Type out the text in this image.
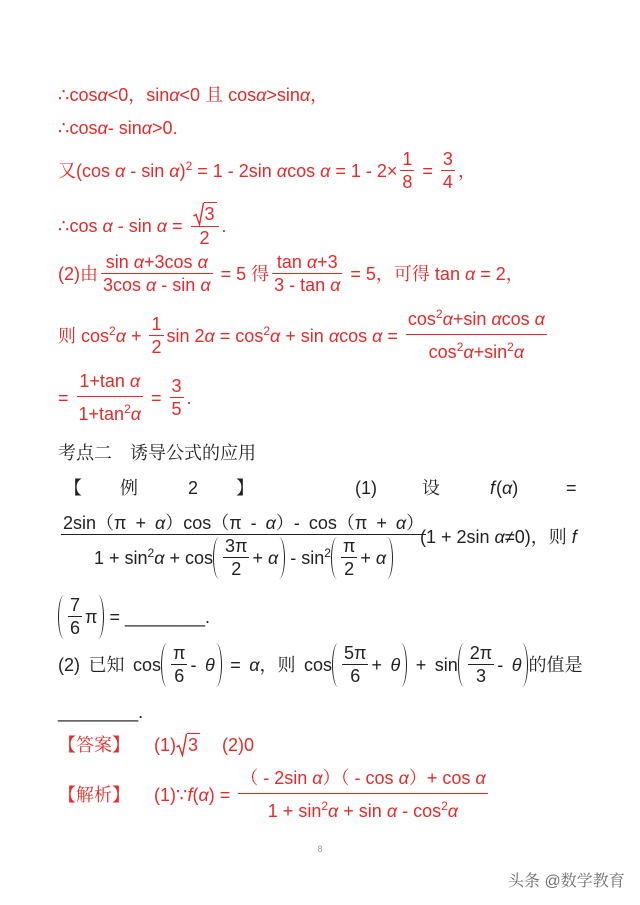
∴cos α <0，sin α <0 且 cos α >sin α ，
∴cos α - sin α >0.
又(cos α - sin α)$^2$ = 1 - 2sin αcos $\alpha = 1 - 2\times \frac{1}{8} = \frac{3}{4}$ ，
∴cos $\alpha - \sin \alpha = \frac{3}{2}$ .
(2)由 $\frac{\text{sin α+3cos α}}{\text{3cos α - sin α}} = 5$ 得 $\frac{\text{tan α+3}}{\text{3 - tan α}} = 5$，可得 tan α = 2，
则 $\cos^2\alpha + \frac{1}{2}$ $\sin 2\alpha = \cos^2\alpha + \sin \alpha\cos$ $\alpha = \frac{\cos^2\alpha+\sin \alpha\cos \alpha}{\cos^2\alpha+\sin^2\alpha}$
= $\frac{\text{1+tan α}}{1+\tan^2\alpha} = \frac{3}{5}$ .
考点二　诱导公式的应用
【 例	2 】	(1)	设	f (α)	=
2sin（π + α）cos（π - α）- cos（π + α）
$1 + \sin^2\alpha + \cos \frac{3\pi}{2} + \alpha - \sin^2 \frac{\pi}{2} + \alpha$
(1 + 2sin α≠0)，则 f
$\frac{7}{6}$ π = ________.
(2) 已知 $\cos \frac{\pi}{6} - \theta = \alpha$，则 $\cos \frac{5\pi}{6} + \theta + \sin \frac{2\pi}{3} - \theta$ 的值是
________.
【答案】 (1) 3 (2)0
【解析】 (1)∵f(α) = $\frac{\text{（ - 2sin α）（ - cos α）+ cos α}}{1 + \sin^2\alpha + \sin \alpha - \cos^2\alpha}$
8
头条 @数学教育
